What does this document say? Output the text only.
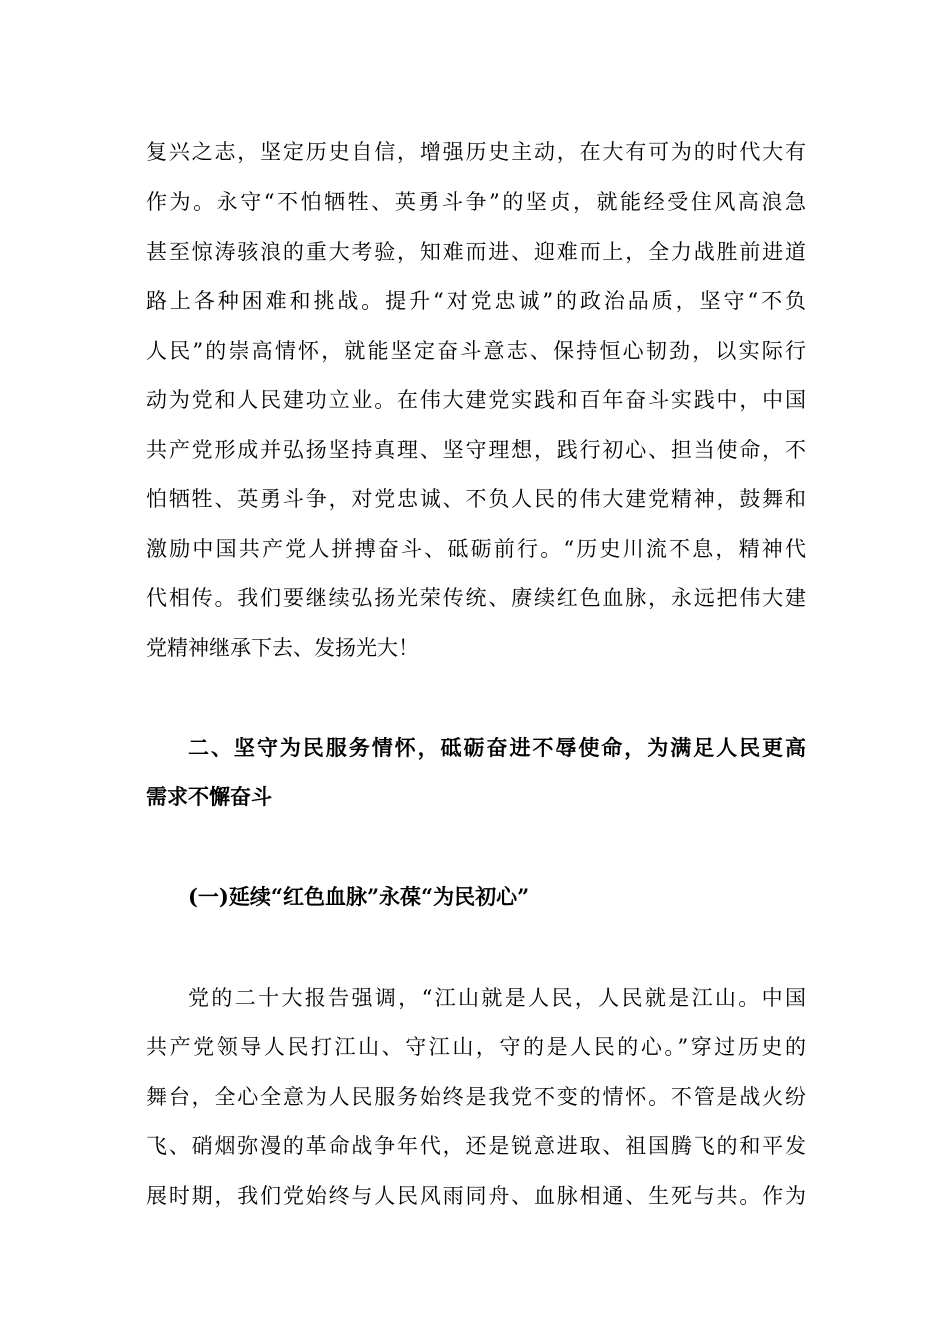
复兴之志，坚定历史自信，增强历史主动，在大有可为的时代大有
作为。永守“不怕牺牲、英勇斗争”的坚贞，就能经受住风高浪急
甚至惊涛骇浪的重大考验，知难而进、迎难而上，全力战胜前进道
路上各种困难和挑战。提升“对党忠诚”的政治品质，坚守“不负
人民”的崇高情怀，就能坚定奋斗意志、保持恒心韧劲，以实际行
动为党和人民建功立业。在伟大建党实践和百年奋斗实践中，中国
共产党形成并弘扬坚持真理、坚守理想，践行初心、担当使命，不
怕牺牲、英勇斗争，对党忠诚、不负人民的伟大建党精神，鼓舞和
激励中国共产党人拼搏奋斗、砥砺前行。“历史川流不息，精神代
代相传。我们要继续弘扬光荣传统、赓续红色血脉，永远把伟大建
党精神继承下去、发扬光大！
二、坚守为民服务情怀，砥砺奋进不辱使命，为满足人民更高
需求不懈奋斗
(一)延续“红色血脉”永葆“为民初心”
党的二十大报告强调，“江山就是人民，人民就是江山。中国
共产党领导人民打江山、守江山，守的是人民的心。”穿过历史的
舞台，全心全意为人民服务始终是我党不变的情怀。不管是战火纷
飞、硝烟弥漫的革命战争年代，还是锐意进取、祖国腾飞的和平发
展时期，我们党始终与人民风雨同舟、血脉相通、生死与共。作为
